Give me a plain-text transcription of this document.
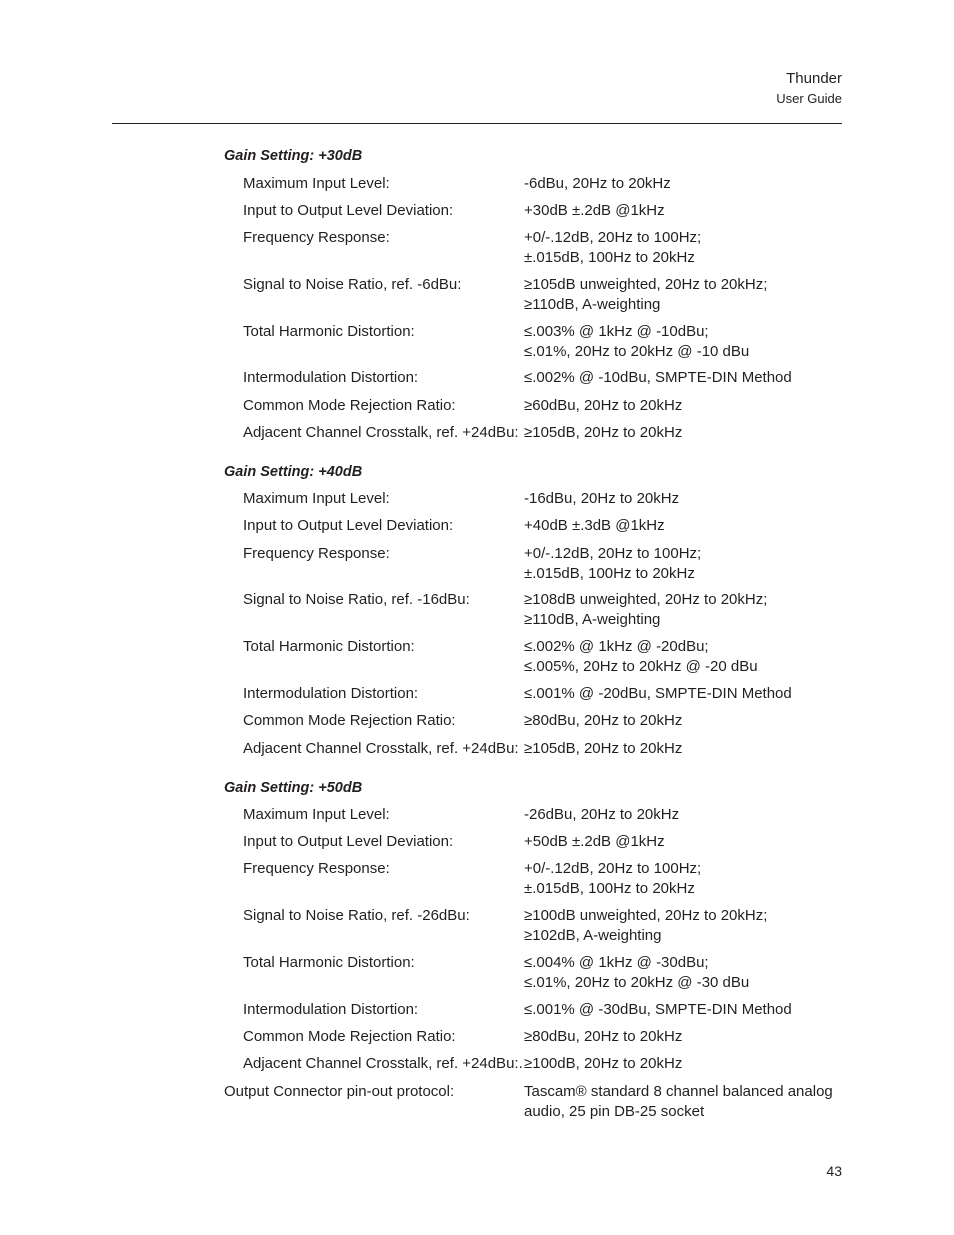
Thunder
User Guide
Gain Setting: +30dB
Maximum Input Level:	-6dBu, 20Hz to 20kHz
Input to Output Level Deviation:	+30dB ±.2dB @1kHz
Frequency Response:	+0/-.12dB, 20Hz to 100Hz;
±.015dB, 100Hz to 20kHz
Signal to Noise Ratio, ref. -6dBu:	≥105dB unweighted, 20Hz to 20kHz;
≥110dB, A-weighting
Total Harmonic Distortion:	≤.003% @ 1kHz @ -10dBu;
≤.01%, 20Hz to 20kHz @ -10 dBu
Intermodulation Distortion:	≤.002% @ -10dBu, SMPTE-DIN Method
Common Mode Rejection Ratio:	≥60dBu, 20Hz to 20kHz
Adjacent Channel Crosstalk, ref. +24dBu: ≥105dB, 20Hz to 20kHz
Gain Setting: +40dB
Maximum Input Level:	-16dBu, 20Hz to 20kHz
Input to Output Level Deviation:	+40dB ±.3dB @1kHz
Frequency Response:	+0/-.12dB, 20Hz to 100Hz;
±.015dB, 100Hz to 20kHz
Signal to Noise Ratio, ref. -16dBu:	≥108dB unweighted, 20Hz to 20kHz;
≥110dB, A-weighting
Total Harmonic Distortion:	≤.002% @ 1kHz @ -20dBu;
≤.005%, 20Hz to 20kHz @ -20 dBu
Intermodulation Distortion:	≤.001% @ -20dBu, SMPTE-DIN Method
Common Mode Rejection Ratio:	≥80dBu, 20Hz to 20kHz
Adjacent Channel Crosstalk, ref. +24dBu: ≥105dB, 20Hz to 20kHz
Gain Setting: +50dB
Maximum Input Level:	-26dBu, 20Hz to 20kHz
Input to Output Level Deviation:	+50dB ±.2dB @1kHz
Frequency Response:	+0/-.12dB, 20Hz to 100Hz;
±.015dB, 100Hz to 20kHz
Signal to Noise Ratio, ref. -26dBu:	≥100dB unweighted, 20Hz to 20kHz;
≥102dB, A-weighting
Total Harmonic Distortion:	≤.004% @ 1kHz @ -30dBu;
≤.01%, 20Hz to 20kHz @ -30 dBu
Intermodulation Distortion:	≤.001% @ -30dBu, SMPTE-DIN Method
Common Mode Rejection Ratio:	≥80dBu, 20Hz to 20kHz
Adjacent Channel Crosstalk, ref. +24dBu:. ≥100dB, 20Hz to 20kHz
Output Connector pin-out protocol:	Tascam® standard 8 channel balanced analog
audio, 25 pin DB-25 socket
43
